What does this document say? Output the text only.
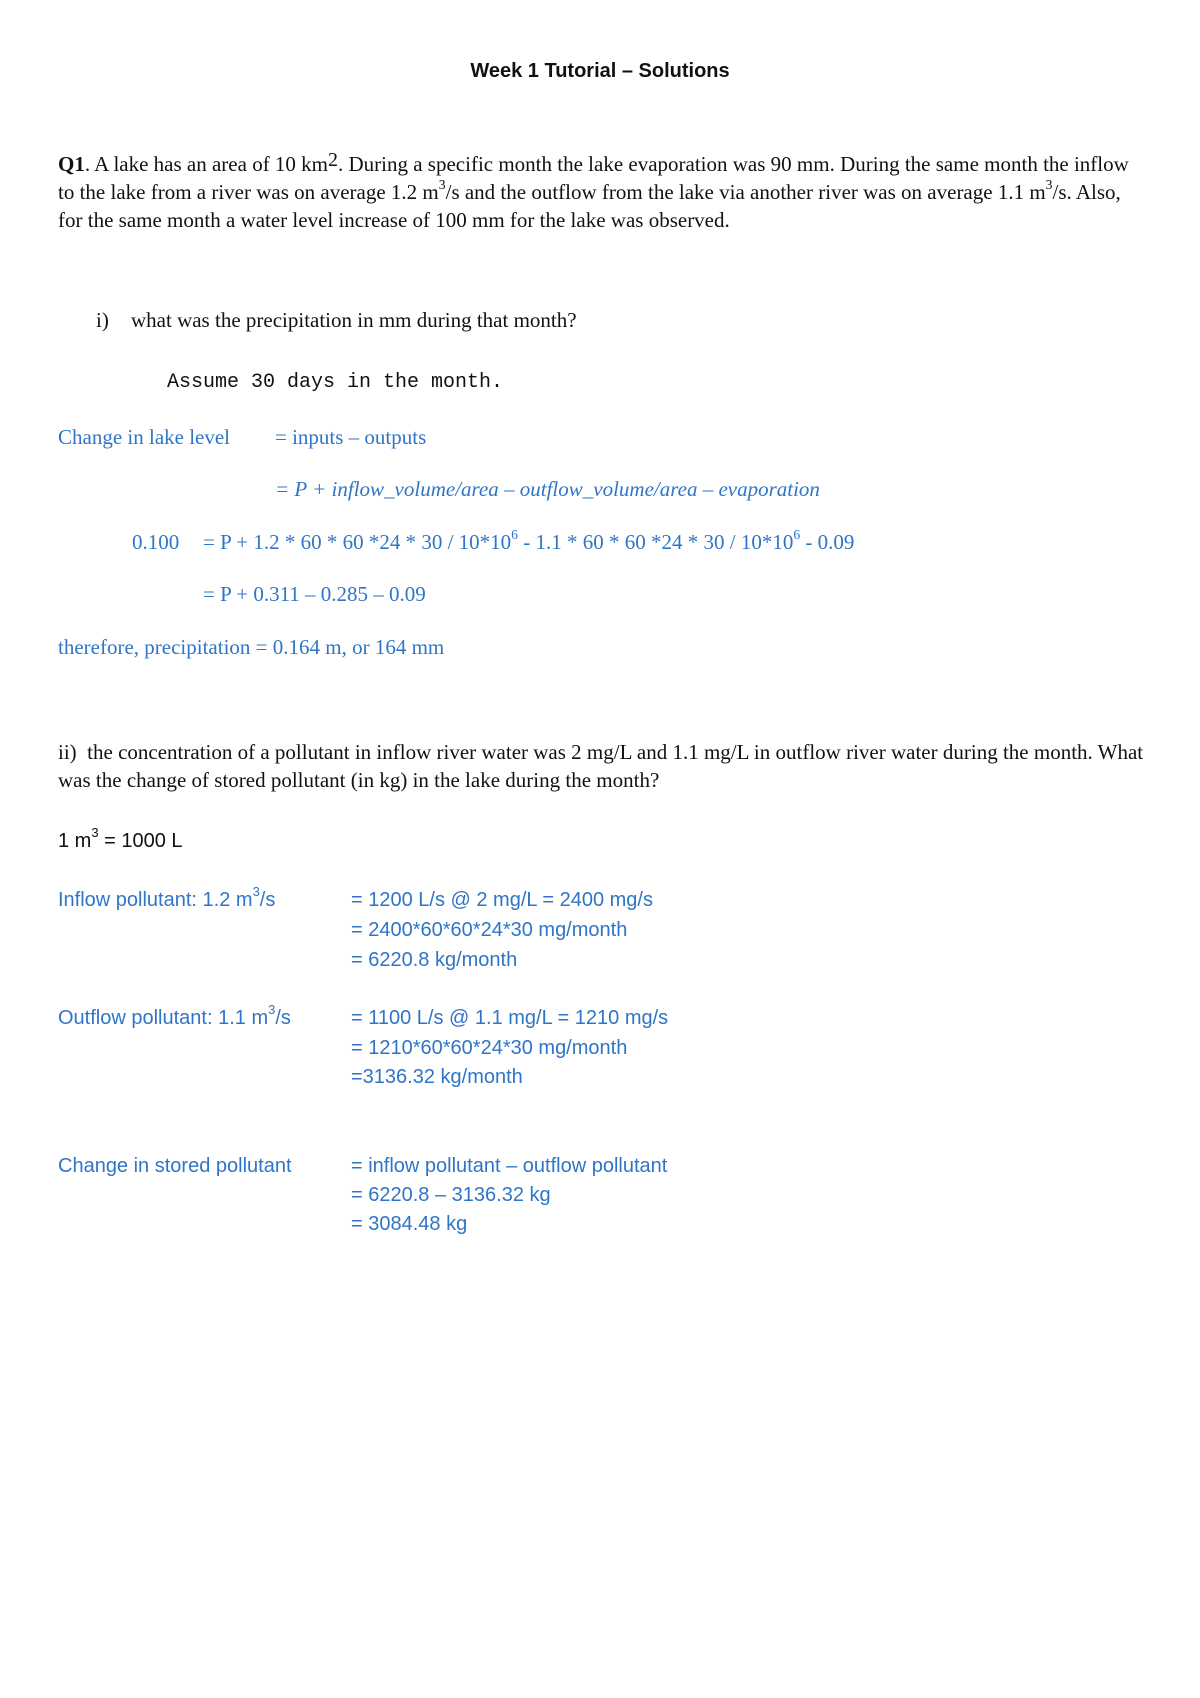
Week 1 Tutorial – Solutions
Q1. A lake has an area of 10 km2. During a specific month the lake evaporation was 90 mm. During the same month the inflow to the lake from a river was on average 1.2 $m^3/s$ and the outflow from the lake via another river was on average 1.1 $m^3/s$. Also, for the same month a water level increase of 100 mm for the lake was observed.
i) what was the precipitation in mm during that month?
Assume 30 days in the month.
Change in lake level = inputs – outputs
= P + inflow_volume/area – outflow_volume/area – evaporation
0.100 = P + 1.2 * 60 * 60 $*24 * 30 / 10*10^6 - 1.1 * 60 * 60$ $*24 * 30 / 10*10^6 - 0.09$
= P + 0.311 – 0.285 – 0.09
therefore, precipitation = 0.164 m, or 164 mm
ii) the concentration of a pollutant in inflow river water was 2 mg/L and 1.1 mg/L in outflow river water during the month. What was the change of stored pollutant (in kg) in the lake during the month?
1 $m^3 = 1000$ L
Inflow pollutant: 1.2 $m^3/s$	= 1200 L/s @ 2 mg/L = 2400 mg/s
= 2400*60*60*24*30 mg/month
= 6220.8 kg/month
Outflow pollutant: 1.1 $m^3/s$	= 1100 L/s @ 1.1 mg/L = 1210 mg/s
= 1210*60*60*24*30 mg/month
=3136.32 kg/month
Change in stored pollutant	= inflow pollutant – outflow pollutant
= 6220.8 – 3136.32 kg
= 3084.48 kg
